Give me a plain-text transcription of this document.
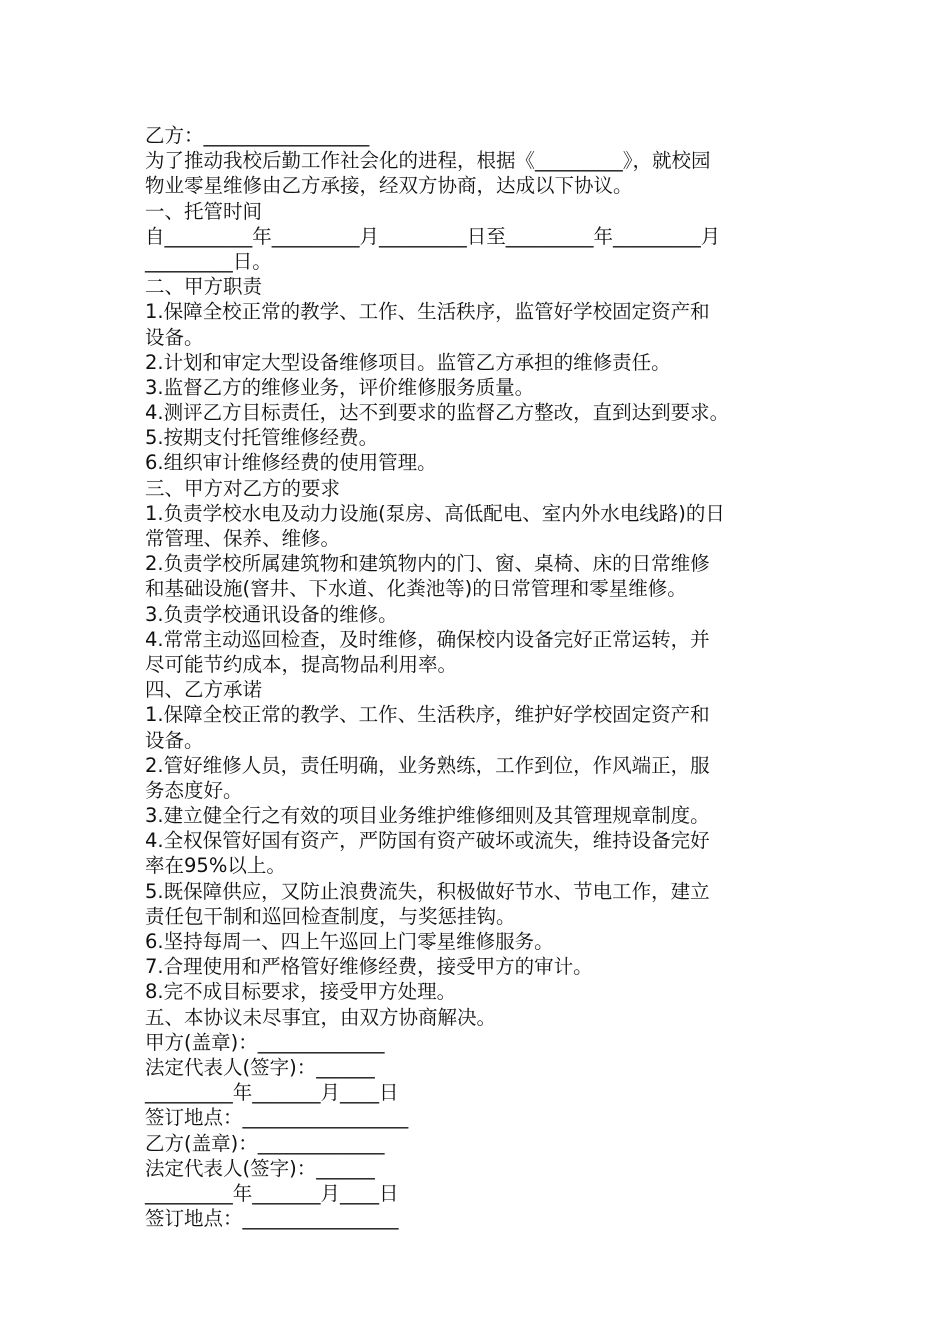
乙方：_________________
为了推动我校后勤工作社会化的进程，根据《_________》，就校园
物业零星维修由乙方承接，经双方协商，达成以下协议。
一、托管时间
自_________年_________月_________日至_________年_________月
_________日。
二、甲方职责
1.保障全校正常的教学、工作、生活秩序，监管好学校固定资产和
设备。
2.计划和审定大型设备维修项目。监管乙方承担的维修责任。
3.监督乙方的维修业务，评价维修服务质量。
4.测评乙方目标责任，达不到要求的监督乙方整改，直到达到要求。
5.按期支付托管维修经费。
6.组织审计维修经费的使用管理。
三、甲方对乙方的要求
1.负责学校水电及动力设施(泵房、高低配电、室内外水电线路)的日
常管理、保养、维修。
2.负责学校所属建筑物和建筑物内的门、窗、桌椅、床的日常维修
和基础设施(窨井、下水道、化粪池等)的日常管理和零星维修。
3.负责学校通讯设备的维修。
4.常常主动巡回检查，及时维修，确保校内设备完好正常运转，并
尽可能节约成本，提高物品利用率。
四、乙方承诺
1.保障全校正常的教学、工作、生活秩序，维护好学校固定资产和
设备。
2.管好维修人员，责任明确，业务熟练，工作到位，作风端正，服
务态度好。
3.建立健全行之有效的项目业务维护维修细则及其管理规章制度。
4.全权保管好国有资产，严防国有资产破坏或流失，维持设备完好
率在95%以上。
5.既保障供应，又防止浪费流失，积极做好节水、节电工作，建立
责任包干制和巡回检查制度，与奖惩挂钩。
6.坚持每周一、四上午巡回上门零星维修服务。
7.合理使用和严格管好维修经费，接受甲方的审计。
8.完不成目标要求，接受甲方处理。
五、本协议未尽事宜，由双方协商解决。
甲方(盖章)：_____________
法定代表人(签字)：______
_________年_______月____日
签订地点：_________________
乙方(盖章)：_____________
法定代表人(签字)：______
_________年_______月____日
签订地点：________________
